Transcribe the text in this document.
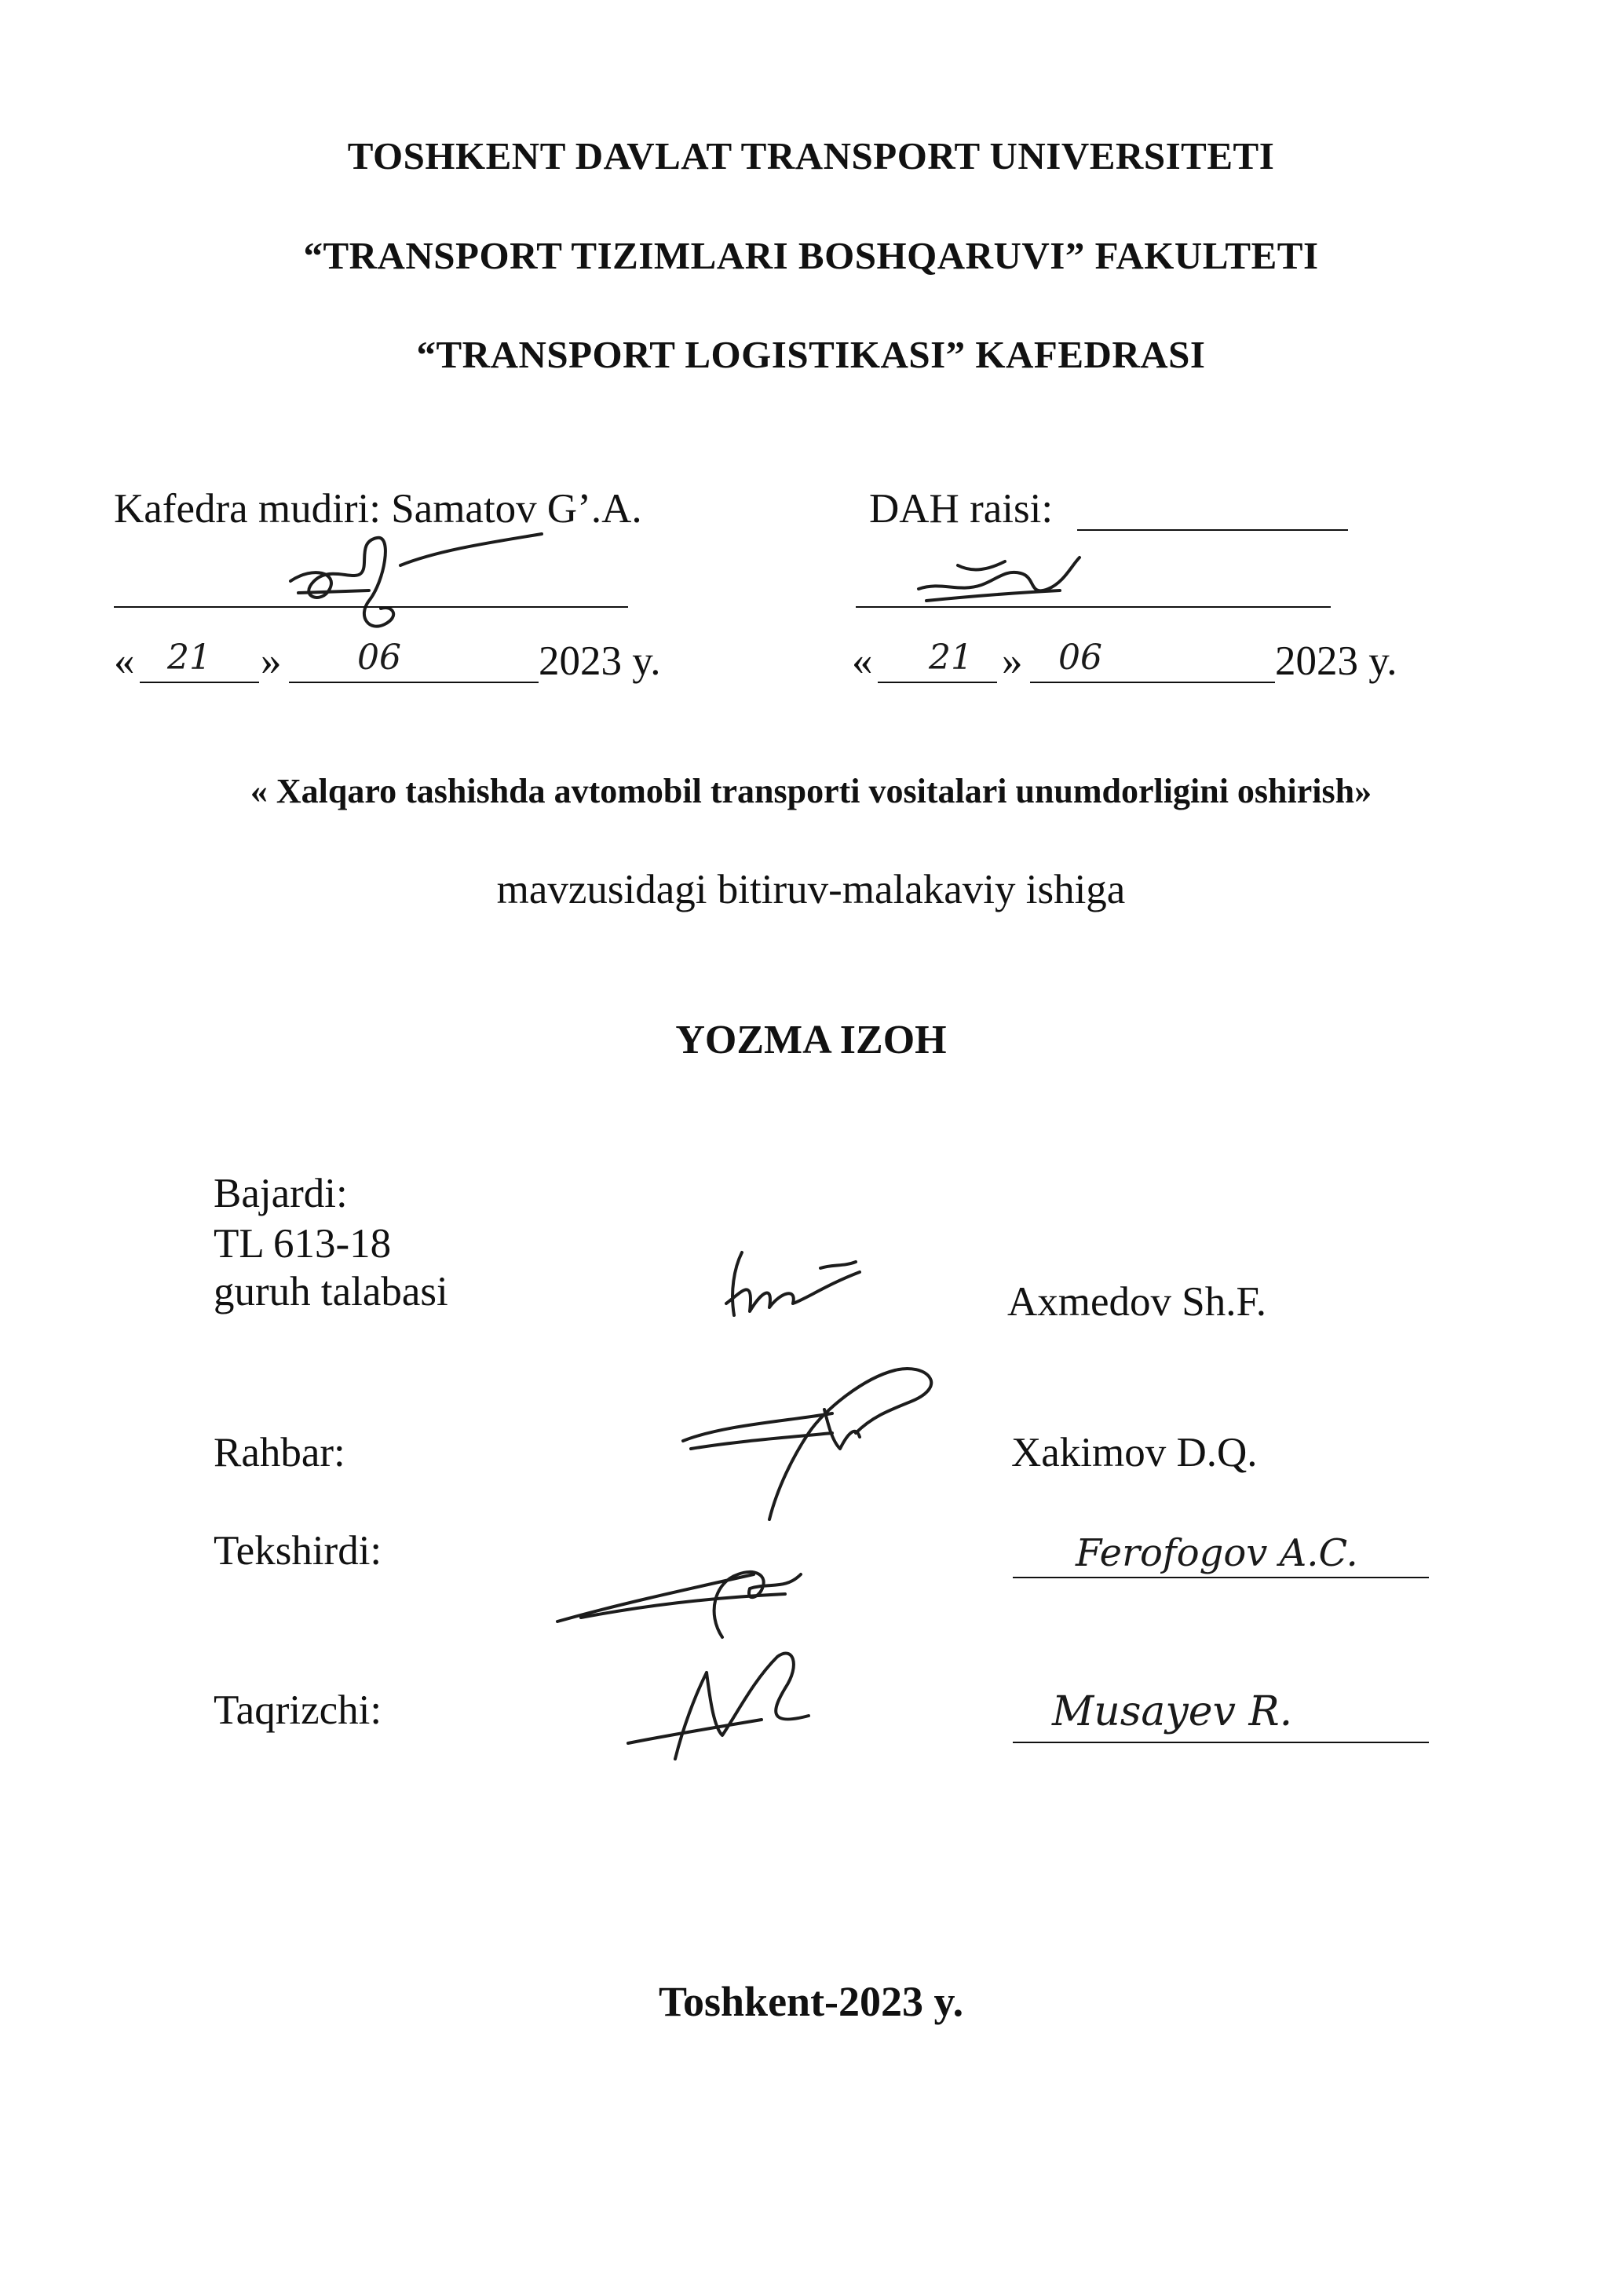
TOSHKENT DAVLAT TRANSPORT UNIVERSITETI
“TRANSPORT TIZIMLARI BOSHQARUVI” FAKULTETI
“TRANSPORT LOGISTIKASI” KAFEDRASI
Kafedra mudiri: Samatov G’.A.
« 21 » 06	2023 y.
DAH raisi:
« 21 » 06	2023 y.
« Xalqaro tashishda avtomobil transporti vositalari unumdorligini oshirish»
mavzusidagi bitiruv-malakaviy ishiga
YOZMA IZOH
Bajardi:
TL 613-18
guruh talabasi	Axmedov Sh.F.
Rahbar:	Xakimov D.Q.
Tekshirdi:	Ferofogov A.C.
Taqrizchi:	Musayev R.
Toshkent-2023 y.
